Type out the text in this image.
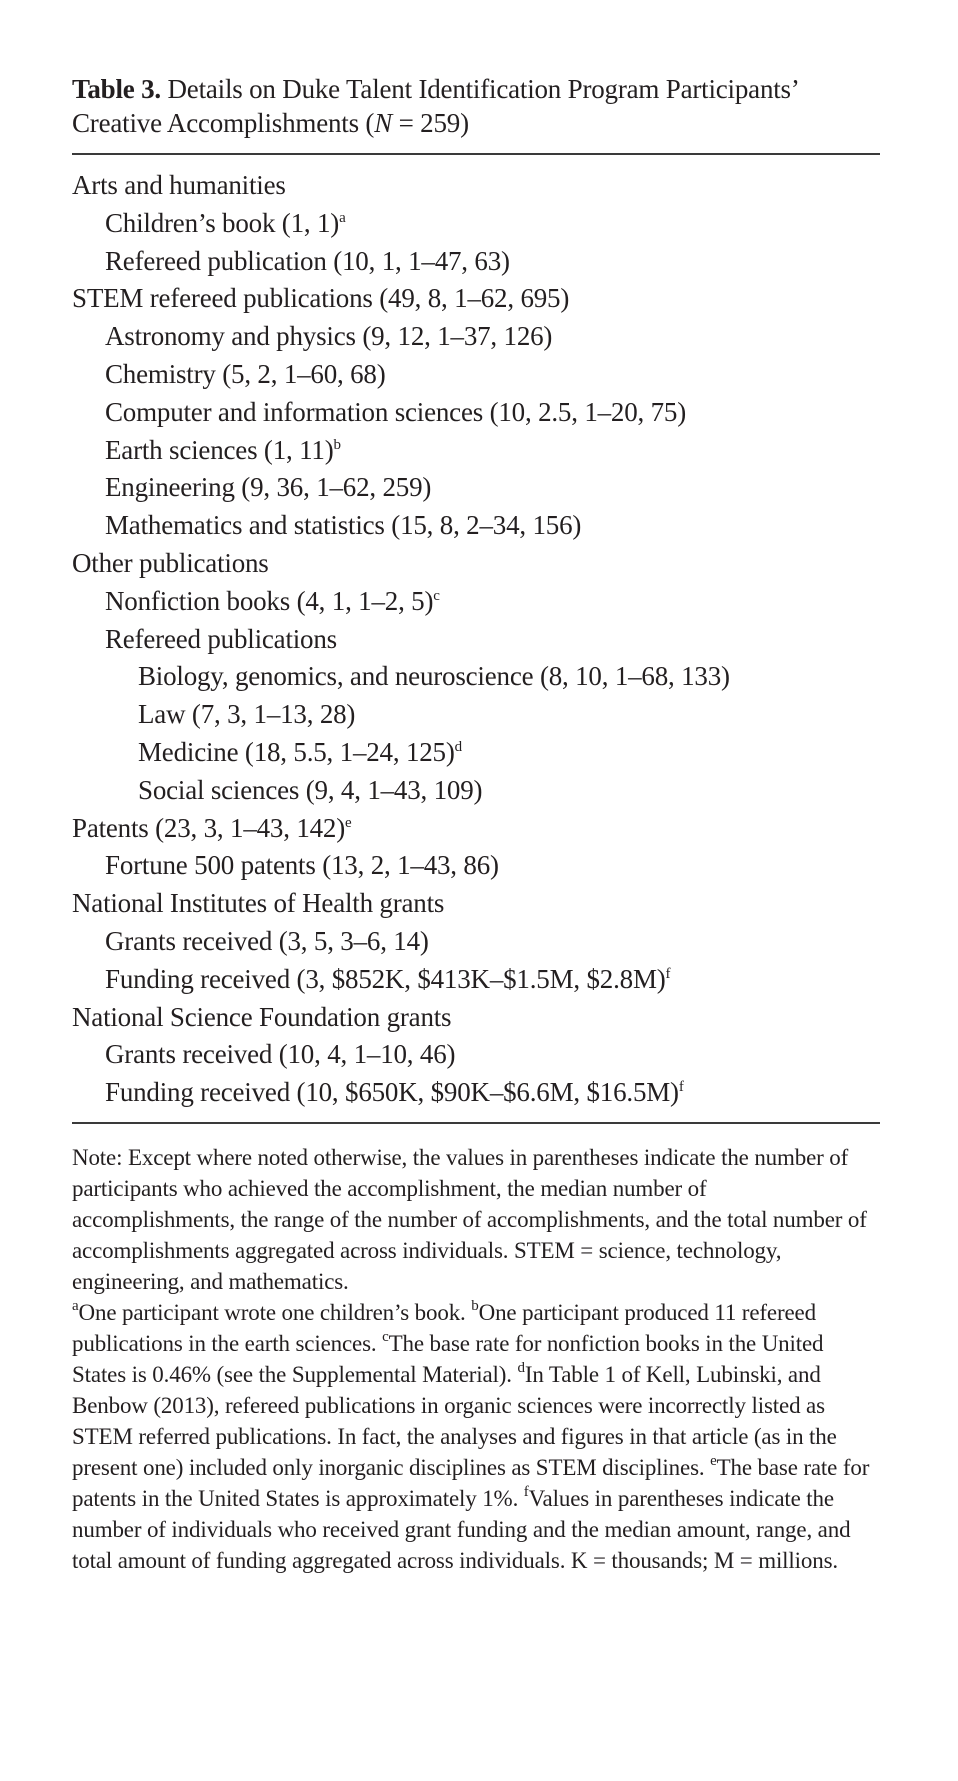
Table 3. Details on Duke Talent Identification Program Participants’ Creative Accomplishments (N = 259)
Arts and humanities
Children’s book (1, 1)$^a$
Refereed publication (10, 1, 1–47, 63)
STEM refereed publications (49, 8, 1–62, 695)
Astronomy and physics (9, 12, 1–37, 126)
Chemistry (5, 2, 1–60, 68)
Computer and information sciences (10, 2.5, 1–20, 75)
Earth sciences (1, 11)$^b$
Engineering (9, 36, 1–62, 259)
Mathematics and statistics (15, 8, 2–34, 156)
Other publications
Nonfiction books (4, 1, 1–2, 5)$^c$
Refereed publications
Biology, genomics, and neuroscience (8, 10, 1–68, 133)
Law (7, 3, 1–13, 28)
Medicine (18, 5.5, 1–24, 125)$^d$
Social sciences (9, 4, 1–43, 109)
Patents (23, 3, 1–43, 142)$^e$
Fortune 500 patents (13, 2, 1–43, 86)
National Institutes of Health grants
Grants received (3, 5, 3–6, 14)
Funding received (3, $852K, $413K–$1.5M, $2.8M)$^f$
National Science Foundation grants
Grants received (10, 4, 1–10, 46)
Funding received (10, $650K, $90K–$6.6M, $16.5M)$^f$

Note: Except where noted otherwise, the values in parentheses indicate the number of participants who achieved the accomplishment, the median number of accomplishments, the range of the number of accomplishments, and the total number of accomplishments aggregated across individuals. STEM = science, technology, engineering, and mathematics.

$^a$One participant wrote one children’s book. $^b$One participant produced 11 refereed publications in the earth sciences. $^c$The base rate for nonfiction books in the United States is 0.46% (see the Supplemental Material). $^d$In Table 1 of Kell, Lubinski, and Benbow (2013), refereed publications in organic sciences were incorrectly listed as STEM referred publications. In fact, the analyses and figures in that article (as in the present one) included only inorganic disciplines as STEM disciplines. $^e$The base rate for patents in the United States is approximately 1%. $^f$Values in parentheses indicate the number of individuals who received grant funding and the median amount, range, and total amount of funding aggregated across individuals. K = thousands; M = millions.
